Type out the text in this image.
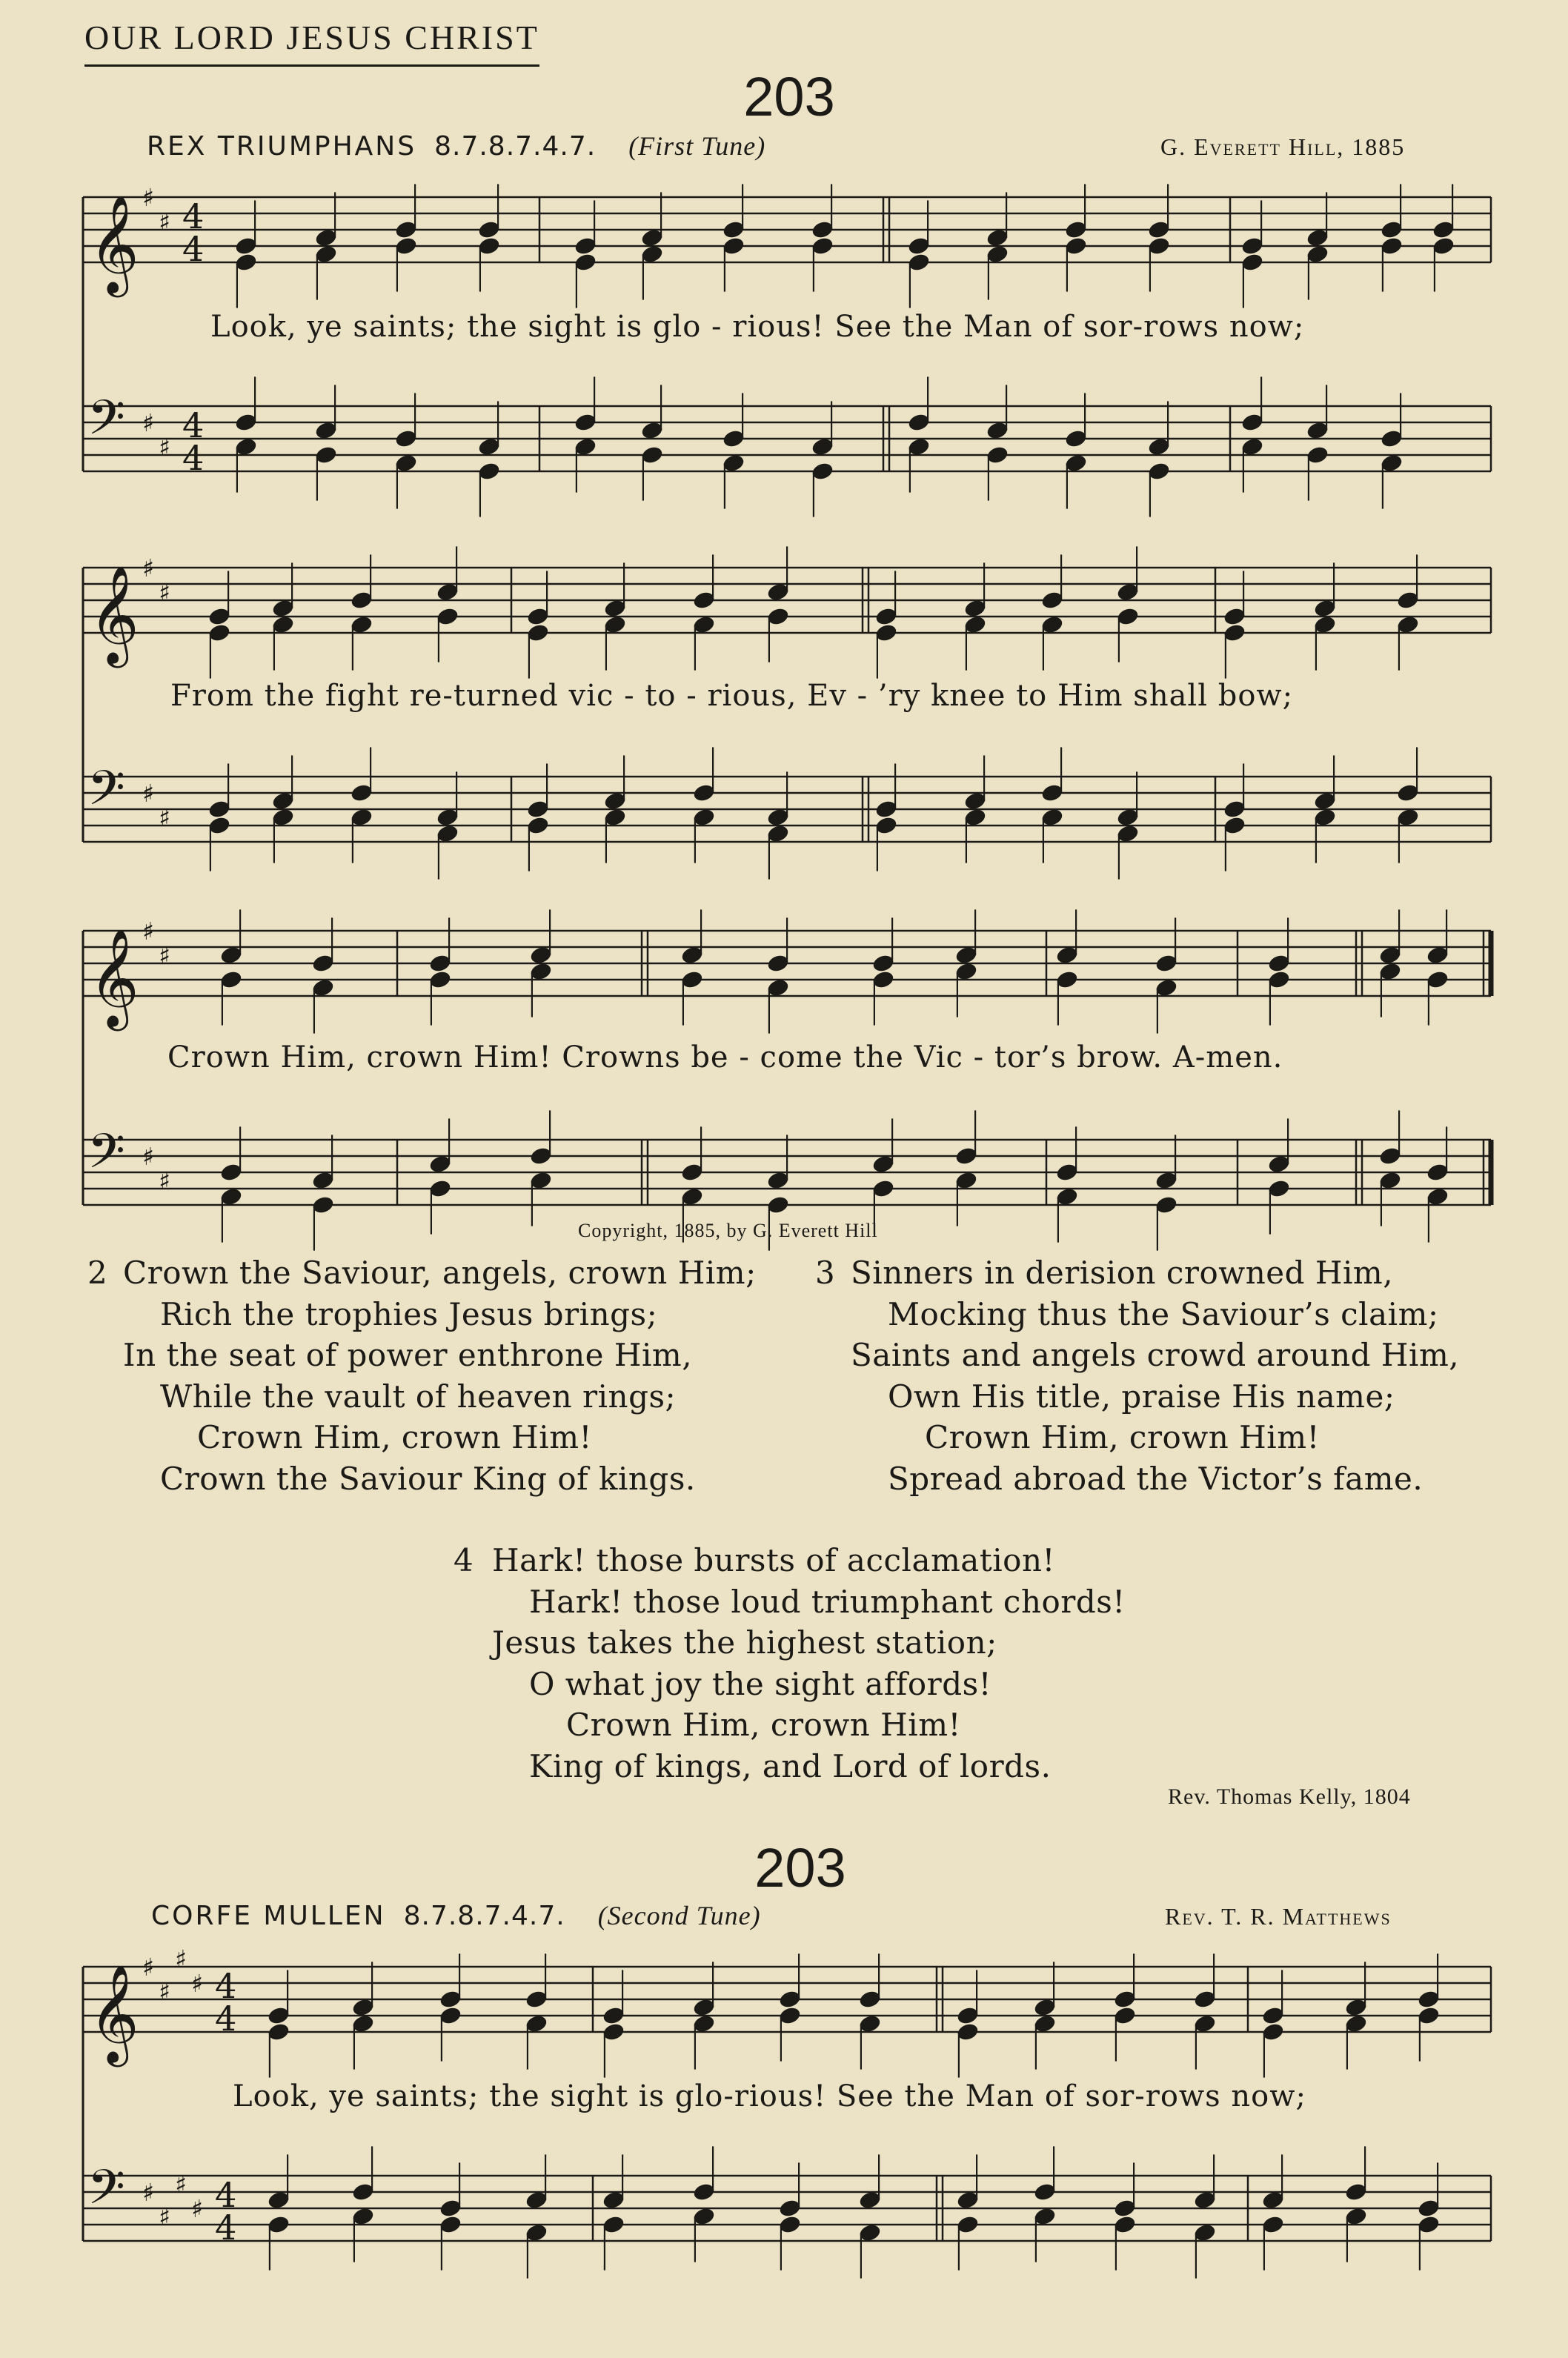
OUR LORD JESUS CHRIST
203
REX TRIUMPHANS 8.7.8.7.4.7. (First Tune)	G. Everett Hill, 1885
𝄞 ♯
♯ 4
4
𝄢 ♯
♯
4
4
𝄞 ♯
♯
𝄢 ♯
♯
𝄞 ♯
♯
𝄢 ♯
♯
𝄞 ♯
♯
♯
♯ 4
4
𝄢 ♯
♯
♯
♯ 4
4
Look, ye saints; the sight is glo - rious! See the Man of sor-rows now;
From the fight re-turned vic - to - rious, Ev - ’ry knee to Him shall bow;
Crown Him, crown Him! Crowns be - come the Vic - tor’s brow. A-men.
Copyright, 1885, by G. Everett Hill
2 Crown the Saviour, angels, crown Him;
Rich the trophies Jesus brings;
In the seat of power enthrone Him,
While the vault of heaven rings;
Crown Him, crown Him!
Crown the Saviour King of kings.
3 Sinners in derision crowned Him,
Mocking thus the Saviour’s claim;
Saints and angels crowd around Him,
Own His title, praise His name;
Crown Him, crown Him!
Spread abroad the Victor’s fame.
4 Hark! those bursts of acclamation!
Hark! those loud triumphant chords!
Jesus takes the highest station;
O what joy the sight affords!
Crown Him, crown Him!
King of kings, and Lord of lords.
Rev. Thomas Kelly, 1804
203
CORFE MULLEN 8.7.8.7.4.7. (Second Tune)	Rev. T. R. Matthews
Look, ye saints; the sight is glo-rious! See the Man of sor-rows now;
